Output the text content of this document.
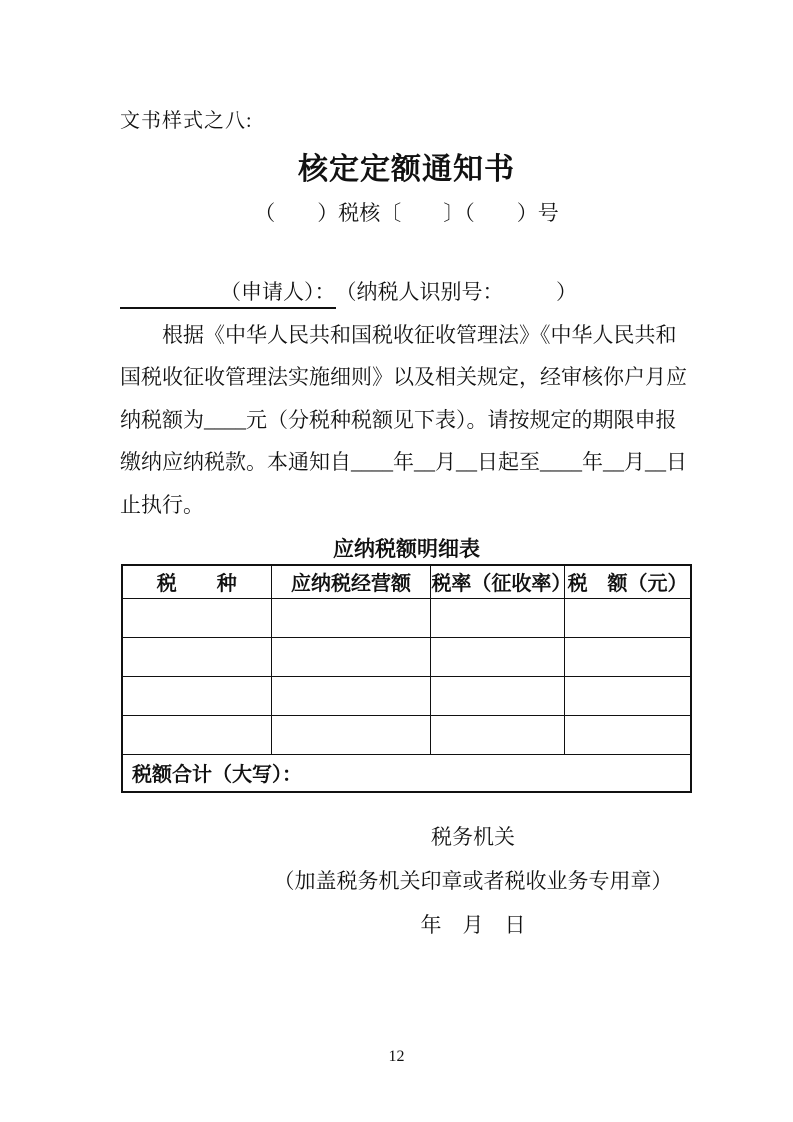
文书样式之八:
核定定额通知书
（　　）税核〔　　〕（　　）号
（申请人）：（纳税人识别号：　　　）
　　根据《中华人民共和国税收征收管理法》《中华人民共和
国税收征收管理法实施细则》以及相关规定，经审核你户月应
纳税额为____元（分税种税额见下表）。请按规定的期限申报
缴纳应纳税款。本通知自____年__月__日起至____年__月__日
止执行。
应纳税额明细表
税　　种	应纳税经营额	税率（征收率）	税　额（元）

税额合计（大写）：			
税务机关
（加盖税务机关印章或者税收业务专用章）
年　月　日
12
